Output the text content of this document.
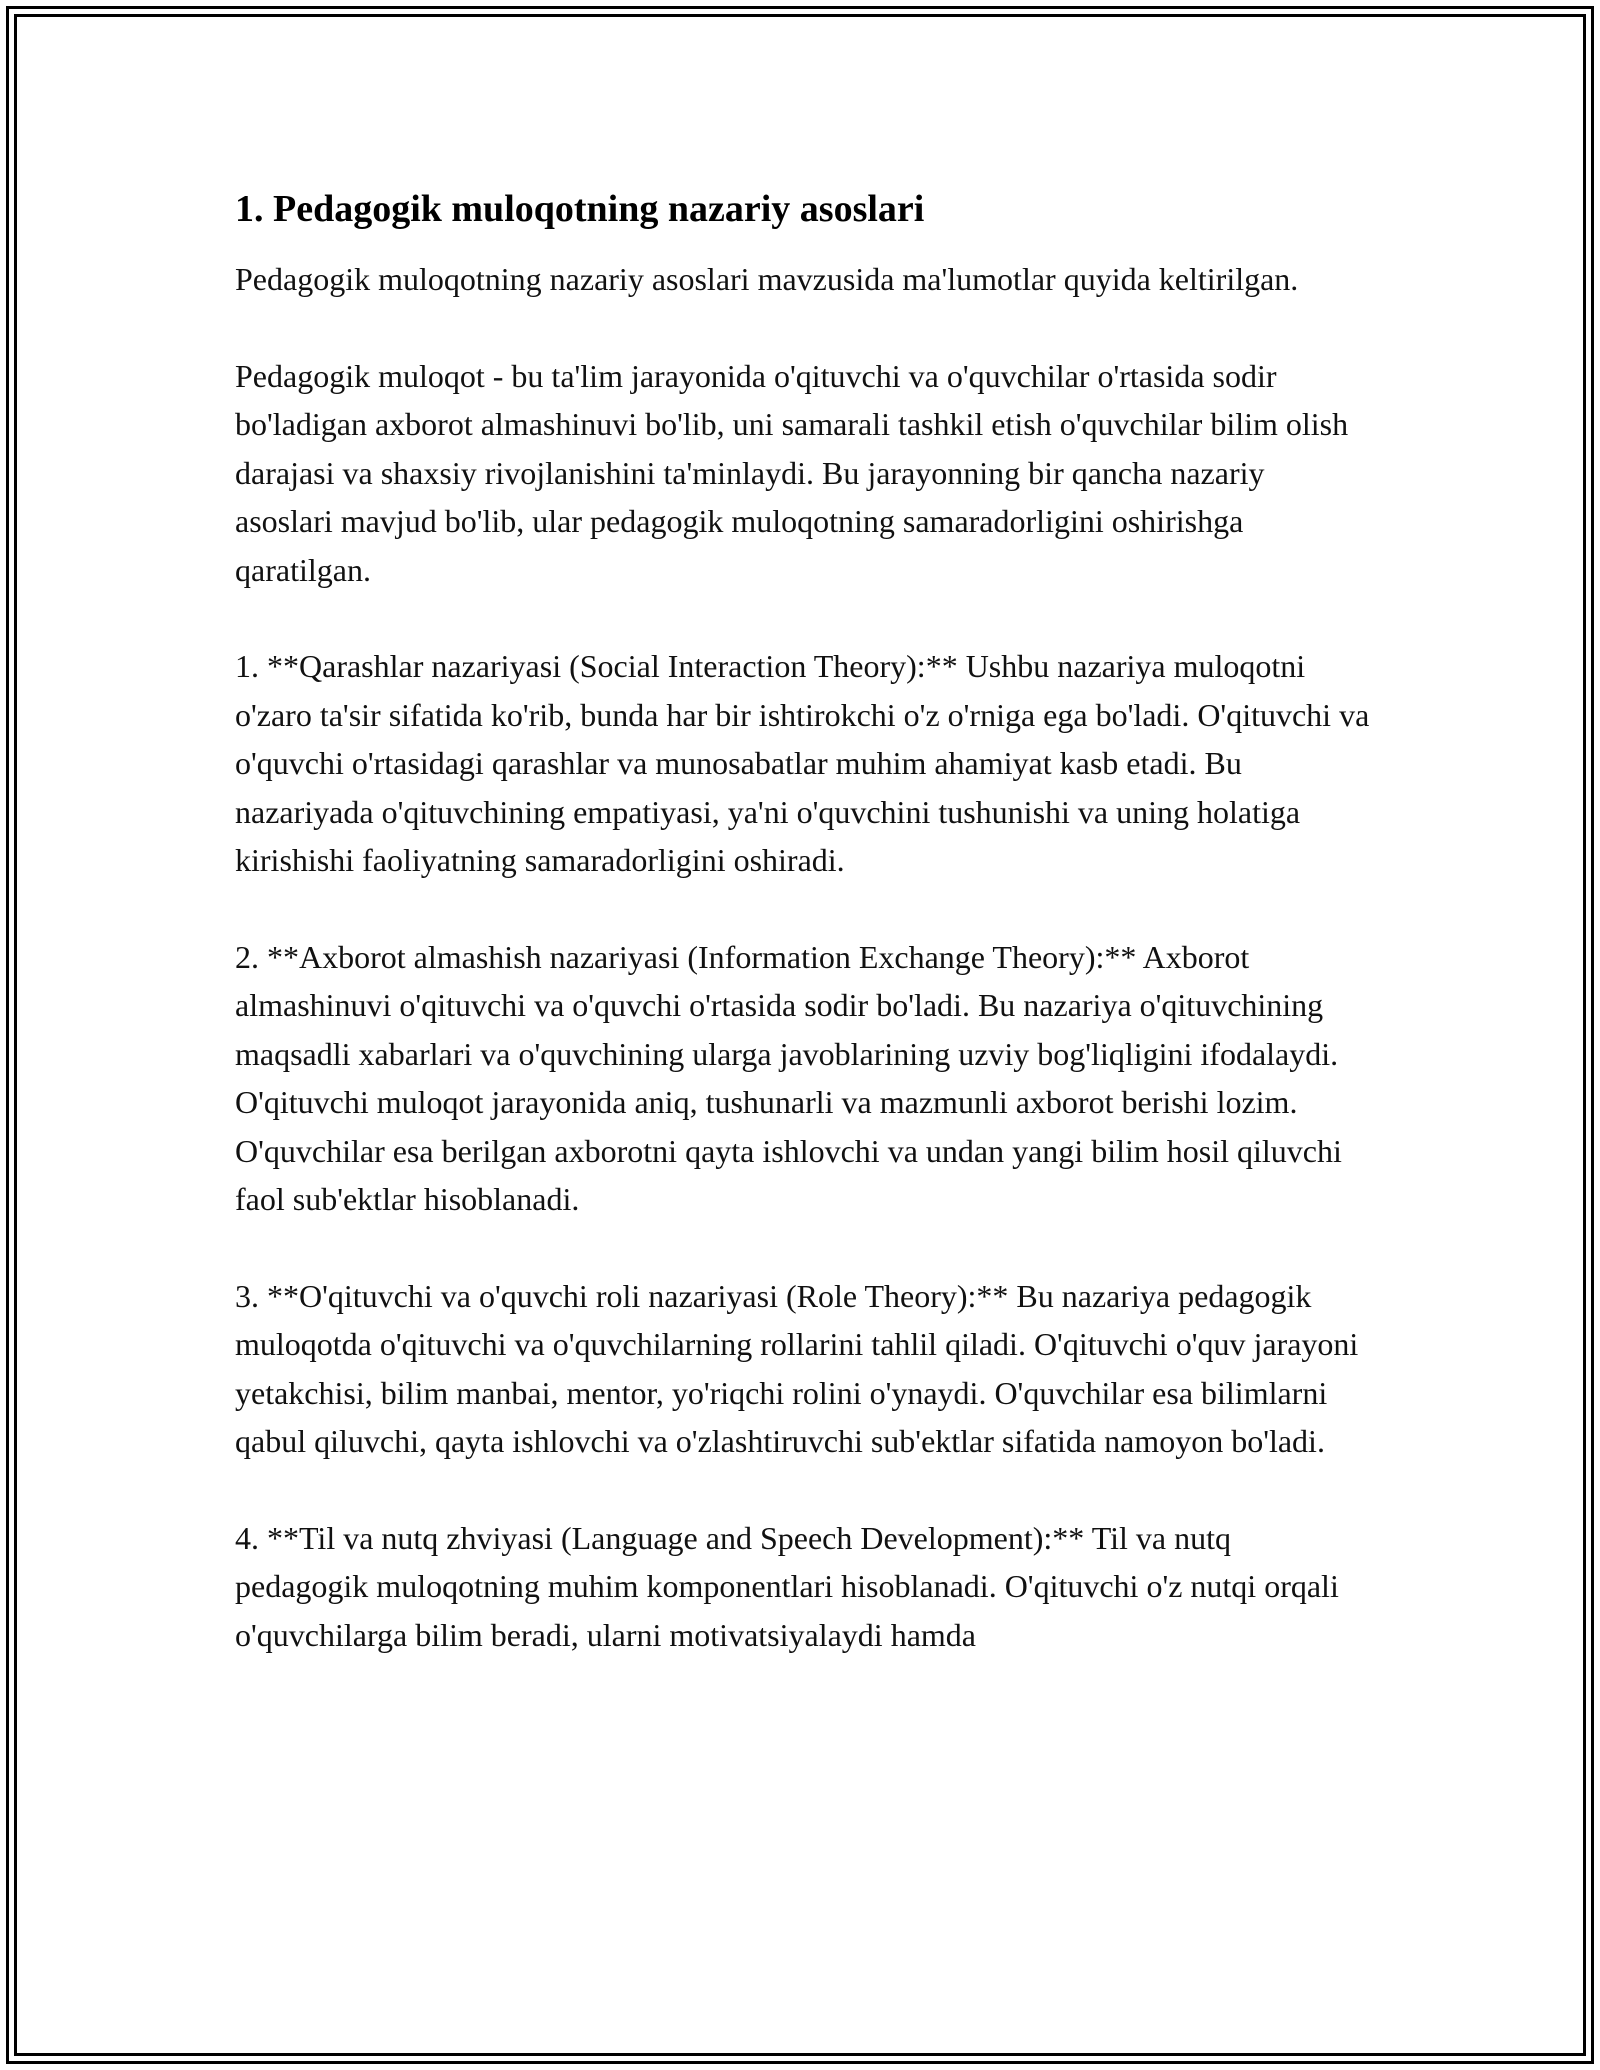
1. Pedagogik muloqotning nazariy asoslari

Pedagogik muloqotning nazariy asoslari mavzusida ma'lumotlar quyida keltirilgan.

Pedagogik muloqot - bu ta'lim jarayonida o'qituvchi va o'quvchilar o'rtasida sodir bo'ladigan axborot almashinuvi bo'lib, uni samarali tashkil etish o'quvchilar bilim olish darajasi va shaxsiy rivojlanishini ta'minlaydi. Bu jarayonning bir qancha nazariy asoslari mavjud bo'lib, ular pedagogik muloqotning samaradorligini oshirishga qaratilgan.

1. **Qarashlar nazariyasi (Social Interaction Theory):** Ushbu nazariya muloqotni o'zaro ta'sir sifatida ko'rib, bunda har bir ishtirokchi o'z o'rniga ega bo'ladi. O'qituvchi va o'quvchi o'rtasidagi qarashlar va munosabatlar muhim ahamiyat kasb etadi. Bu nazariyada o'qituvchining empatiyasi, ya'ni o'quvchini tushunishi va uning holatiga kirishishi faoliyatning samaradorligini oshiradi.

2. **Axborot almashish nazariyasi (Information Exchange Theory):** Axborot almashinuvi o'qituvchi va o'quvchi o'rtasida sodir bo'ladi. Bu nazariya o'qituvchining maqsadli xabarlari va o'quvchining ularga javoblarining uzviy bog'liqligini ifodalaydi. O'qituvchi muloqot jarayonida aniq, tushunarli va mazmunli axborot berishi lozim. O'quvchilar esa berilgan axborotni qayta ishlovchi va undan yangi bilim hosil qiluvchi faol sub'ektlar hisoblanadi.

3. **O'qituvchi va o'quvchi roli nazariyasi (Role Theory):** Bu nazariya pedagogik muloqotda o'qituvchi va o'quvchilarning rollarini tahlil qiladi. O'qituvchi o'quv jarayoni yetakchisi, bilim manbai, mentor, yo'riqchi rolini o'ynaydi. O'quvchilar esa bilimlarni qabul qiluvchi, qayta ishlovchi va o'zlashtiruvchi sub'ektlar sifatida namoyon bo'ladi.

4. **Til va nutq zhviyasi (Language and Speech Development):** Til va nutq pedagogik muloqotning muhim komponentlari hisoblanadi. O'qituvchi o'z nutqi orqali o'quvchilarga bilim beradi, ularni motivatsiyalaydi hamda
